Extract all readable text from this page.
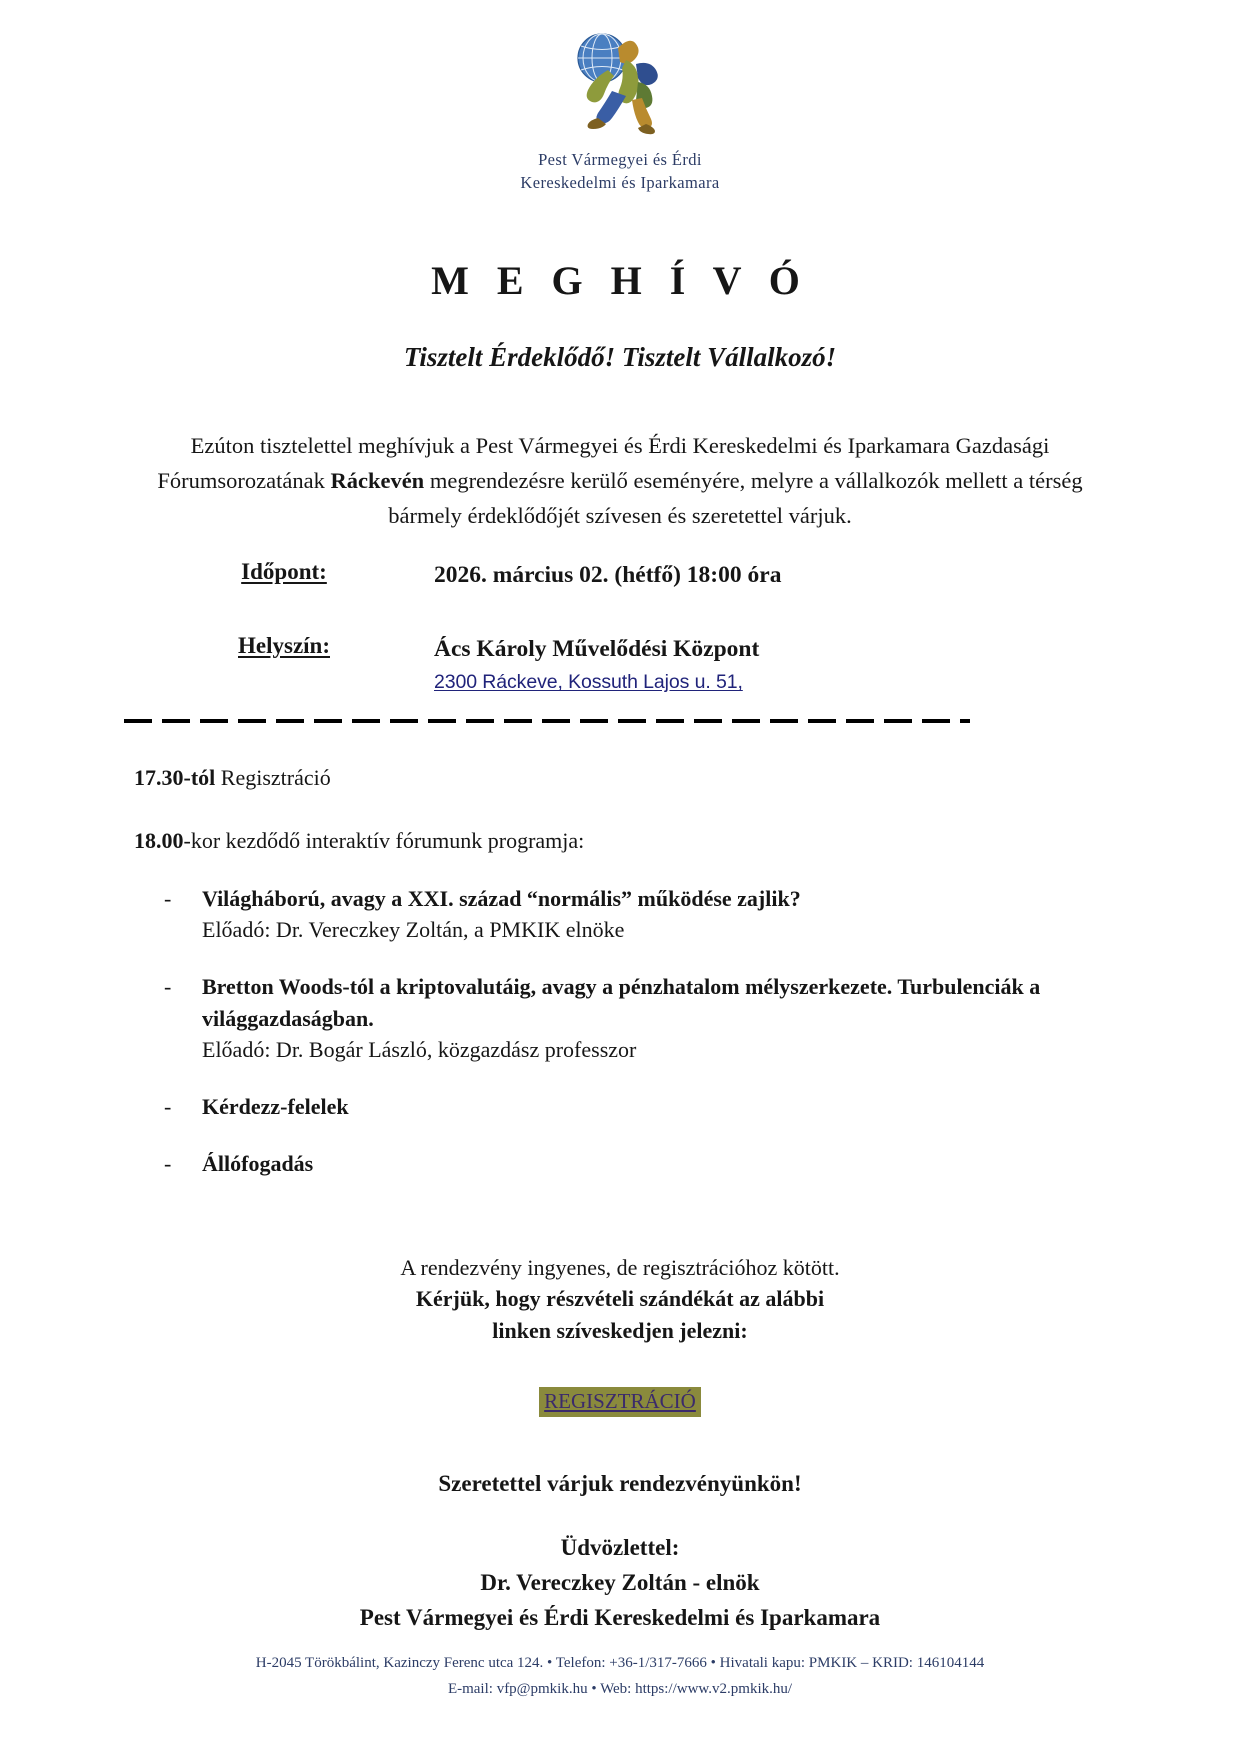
Pest Vármegyei és Érdi
Kereskedelmi és Iparkamara
M E G H Í V Ó
Tisztelt Érdeklődő! Tisztelt Vállalkozó!
Ezúton tisztelettel meghívjuk a Pest Vármegyei és Érdi Kereskedelmi és Iparkamara Gazdasági Fórumsorozatának Ráckevén megrendezésre kerülő eseményére, melyre a vállalkozók mellett a térség bármely érdeklődőjét szívesen és szeretettel várjuk.
Időpont:	2026. március 02. (hétfő) 18:00 óra
Helyszín:	Ács Károly Művelődési Központ
2300 Ráckeve, Kossuth Lajos u. 51,
17.30-tól Regisztráció
18.00-kor kezdődő interaktív fórumunk programja:
-	Világháború, avagy a XXI. század “normális” működése zajlik?
Előadó: Dr. Vereczkey Zoltán, a PMKIK elnöke
-	Bretton Woods-tól a kriptovalutáig, avagy a pénzhatalom mélyszerkezete. Turbulenciák a világgazdaságban.
Előadó: Dr. Bogár László, közgazdász professzor
-	Kérdezz-felelek
-	Állófogadás
A rendezvény ingyenes, de regisztrációhoz kötött.
Kérjük, hogy részvételi szándékát az alábbi
linken szíveskedjen jelezni:
REGISZTRÁCIÓ
Szeretettel várjuk rendezvényünkön!
Üdvözlettel:
Dr. Vereczkey Zoltán - elnök
Pest Vármegyei és Érdi Kereskedelmi és Iparkamara
H-2045 Törökbálint, Kazinczy Ferenc utca 124. • Telefon: +36-1/317-7666 • Hivatali kapu: PMKIK – KRID: 146104144
E-mail: vfp@pmkik.hu • Web: https://www.v2.pmkik.hu/
